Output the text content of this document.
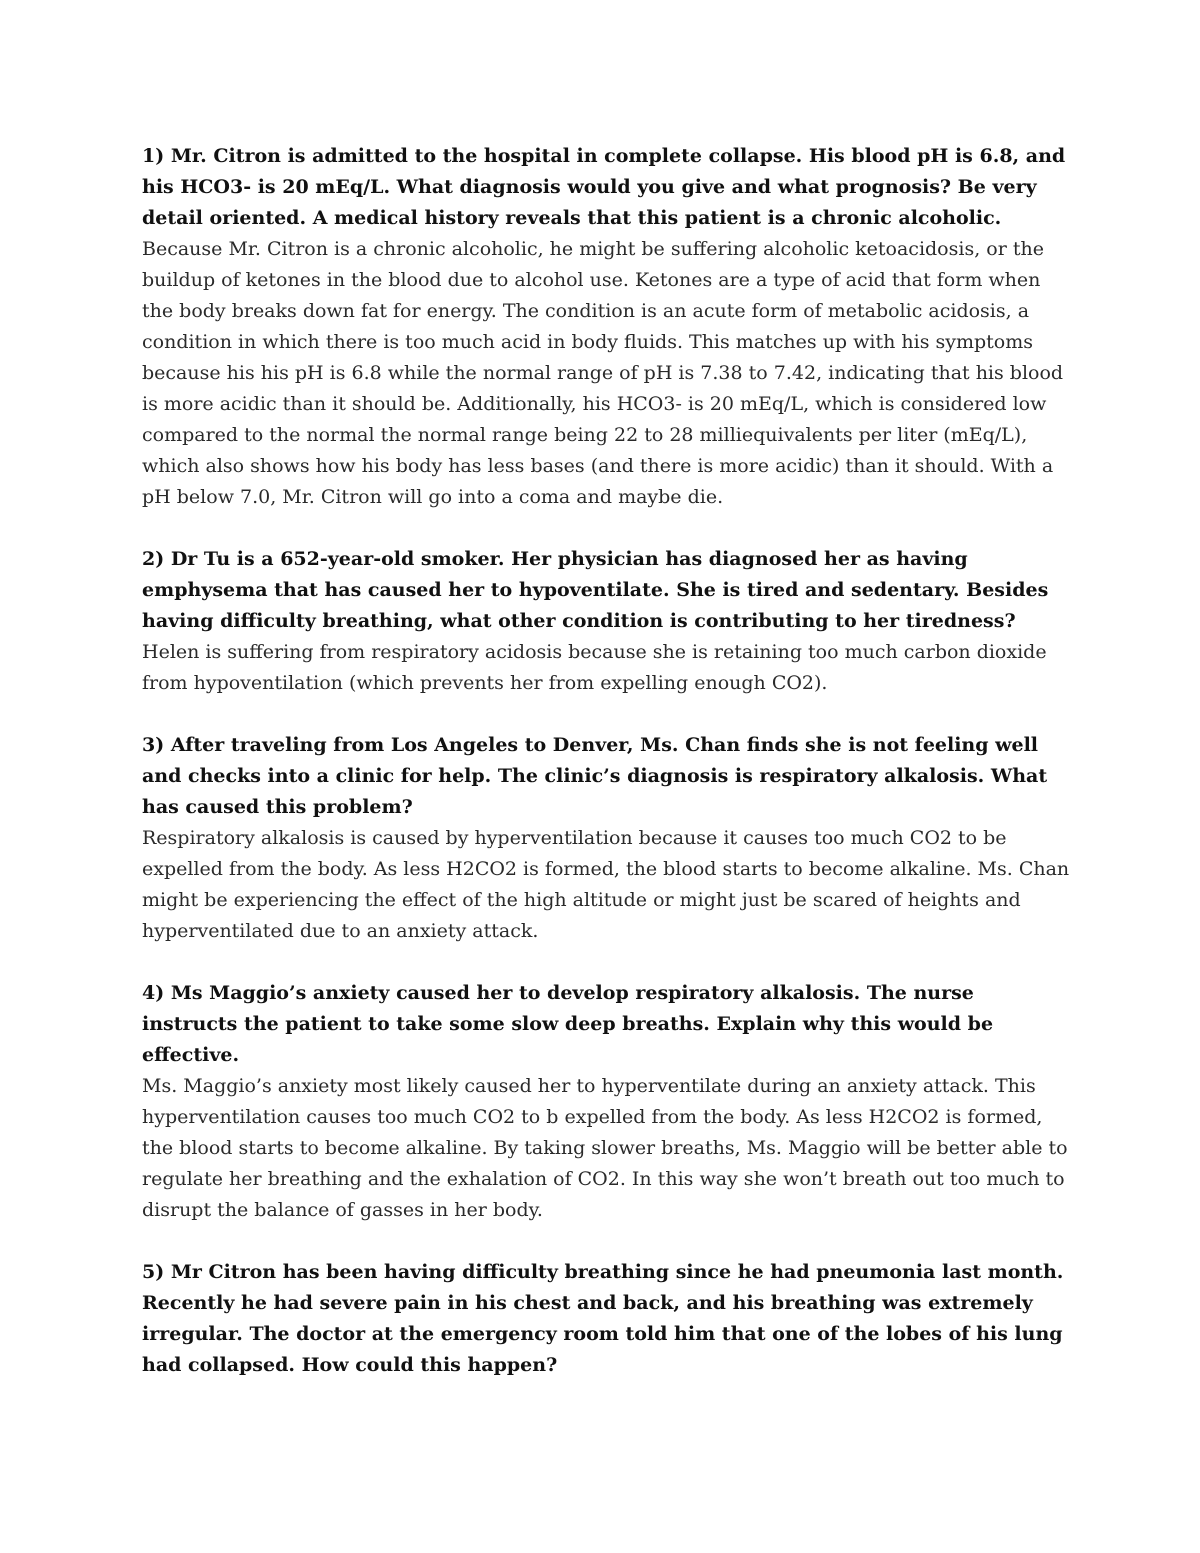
1) Mr. Citron is admitted to the hospital in complete collapse. His blood pH is 6.8, and his HCO3- is 20 mEq/L. What diagnosis would you give and what prognosis? Be very detail oriented. A medical history reveals that this patient is a chronic alcoholic.

Because Mr. Citron is a chronic alcoholic, he might be suffering alcoholic ketoacidosis, or the buildup of ketones in the blood due to alcohol use. Ketones are a type of acid that form when the body breaks down fat for energy. The condition is an acute form of metabolic acidosis, a condition in which there is too much acid in body fluids. This matches up with his symptoms because his his pH is 6.8 while the normal range of pH is 7.38 to 7.42, indicating that his blood is more acidic than it should be. Additionally, his HCO3- is 20 mEq/L, which is considered low compared to the normal the normal range being 22 to 28 milliequivalents per liter (mEq/L), which also shows how his body has less bases (and there is more acidic) than it should. With a pH below 7.0, Mr. Citron will go into a coma and maybe die.

2) Dr Tu is a 652-year-old smoker. Her physician has diagnosed her as having emphysema that has caused her to hypoventilate. She is tired and sedentary. Besides having difficulty breathing, what other condition is contributing to her tiredness?

Helen is suffering from respiratory acidosis because she is retaining too much carbon dioxide from hypoventilation (which prevents her from expelling enough CO2).

3) After traveling from Los Angeles to Denver, Ms. Chan finds she is not feeling well and checks into a clinic for help. The clinic’s diagnosis is respiratory alkalosis. What has caused this problem?

Respiratory alkalosis is caused by hyperventilation because it causes too much CO2 to be expelled from the body. As less H2CO2 is formed, the blood starts to become alkaline. Ms. Chan might be experiencing the effect of the high altitude or might just be scared of heights and hyperventilated due to an anxiety attack.

4) Ms Maggio’s anxiety caused her to develop respiratory alkalosis. The nurse instructs the patient to take some slow deep breaths. Explain why this would be effective.

Ms. Maggio’s anxiety most likely caused her to hyperventilate during an anxiety attack. This hyperventilation causes too much CO2 to b expelled from the body. As less H2CO2 is formed, the blood starts to become alkaline. By taking slower breaths, Ms. Maggio will be better able to regulate her breathing and the exhalation of CO2. In this way she won’t breath out too much to disrupt the balance of gasses in her body.

5) Mr Citron has been having difficulty breathing since he had pneumonia last month. Recently he had severe pain in his chest and back, and his breathing was extremely irregular. The doctor at the emergency room told him that one of the lobes of his lung had collapsed. How could this happen?
